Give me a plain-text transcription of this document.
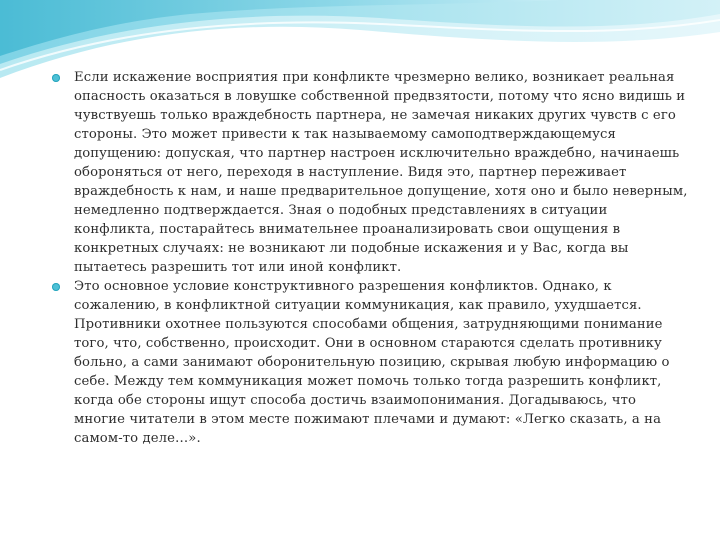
Если искажение восприятия при конфликте чрезмерно велико, возникает реальная опасность оказаться в ловушке собственной предвзятости, потому что ясно видишь и чувствуешь только враждебность партнера, не замечая никаких других чувств с его стороны. Это может привести к так называемому самоподтверждающемуся допущению: допуская, что партнер настроен исключительно враждебно, начинаешь обороняться от него, переходя в наступление. Видя это, партнер переживает враждебность к нам, и наше предварительное допущение, хотя оно и было неверным, немедленно подтверждается. Зная о подобных представлениях в ситуации конфликта, постарайтесь внимательнее проанализировать свои ощущения в конкретных случаях: не возникают ли подобные искажения и у Вас, когда вы пытаетесь разрешить тот или иной конфликт.
Это основное условие конструктивного разрешения конфликтов. Однако, к сожалению, в конфликтной ситуации коммуникация, как правило, ухудшается. Противники охотнее пользуются способами общения, затрудняющими понимание того, что, собственно, происходит. Они в основном стараются сделать противнику больно, а сами занимают оборонительную позицию, скрывая любую информацию о себе. Между тем коммуникация может помочь только тогда разрешить конфликт, когда обе стороны ищут способа достичь взаимопонимания. Догадываюсь, что многие читатели в этом месте пожимают плечами и думают: «Легко сказать, а на самом-то деле…».
